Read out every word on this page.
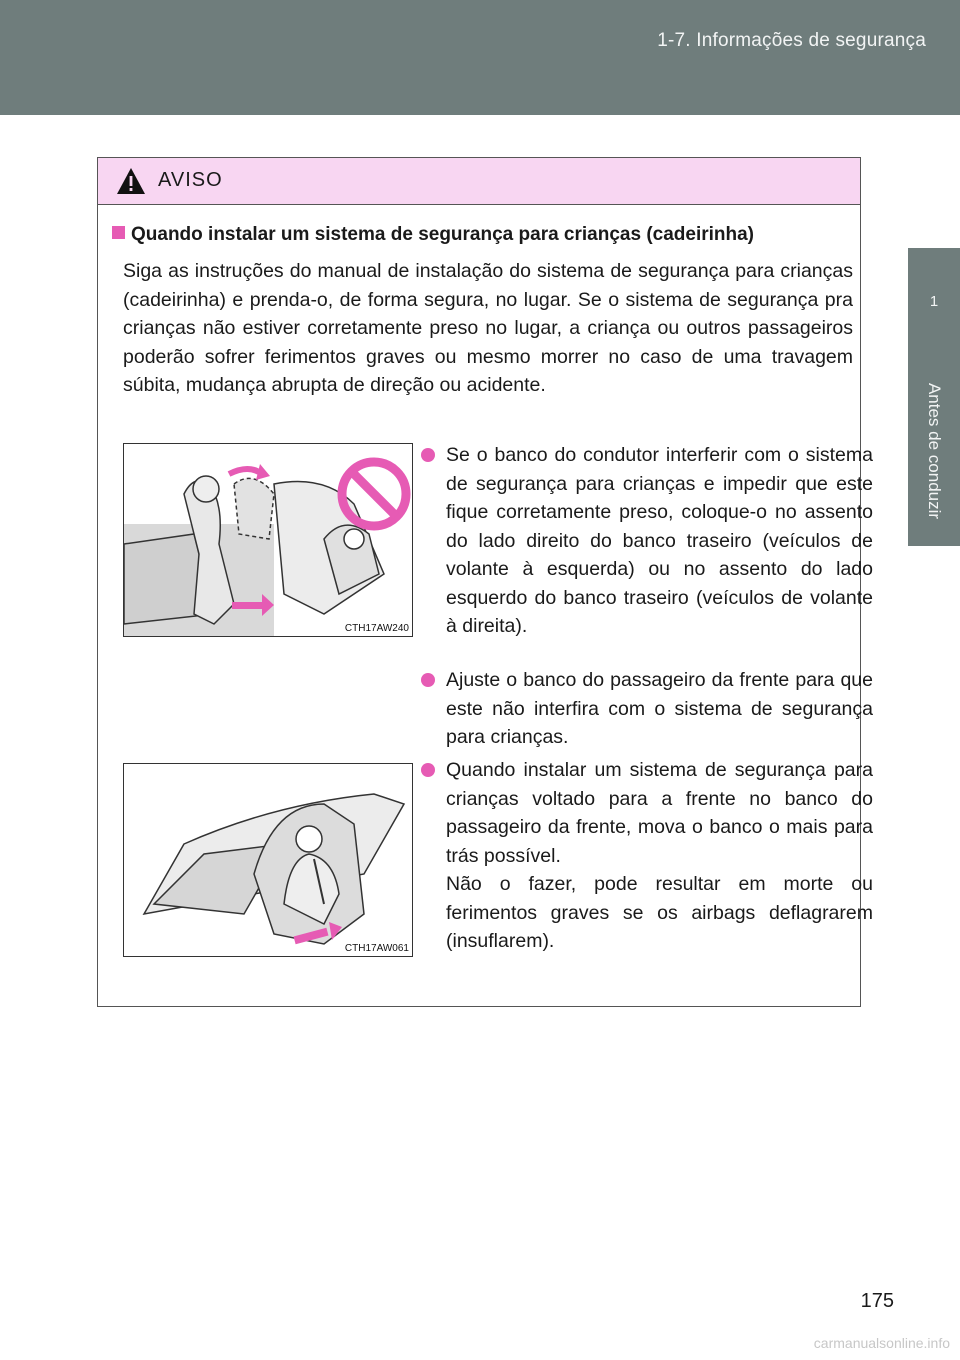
1-7. Informações de segurança
1
Antes de conduzir
AVISO
Quando instalar um sistema de segurança para crianças (cadeirinha)

Siga as instruções do manual de instalação do sistema de segurança para crianças (cadeirinha) e prenda-o, de forma segura, no lugar. Se o sistema de segurança pra crianças não estiver corretamente preso no lugar, a criança ou outros passageiros poderão sofrer ferimentos graves ou mesmo morrer no caso de uma travagem súbita, mudança abrupta de direção ou acidente.

CTH17AW240
CTH17AW061

Se o banco do condutor interferir com o sistema de segurança para crianças e impedir que este fique corretamente preso, coloque-o no assento do lado direito do banco traseiro (veículos de volante à esquerda) ou no assento do lado esquerdo do banco traseiro (veículos de volante à direita).

Ajuste o banco do passageiro da frente para que este não interfira com o sistema de segurança para crianças.

Quando instalar um sistema de segurança para crianças voltado para a frente no banco do passageiro da frente, mova o banco o mais para trás possível.
Não o fazer, pode resultar em morte ou ferimentos graves se os airbags deflagrarem (insuflarem).

175
carmanualsonline.info
